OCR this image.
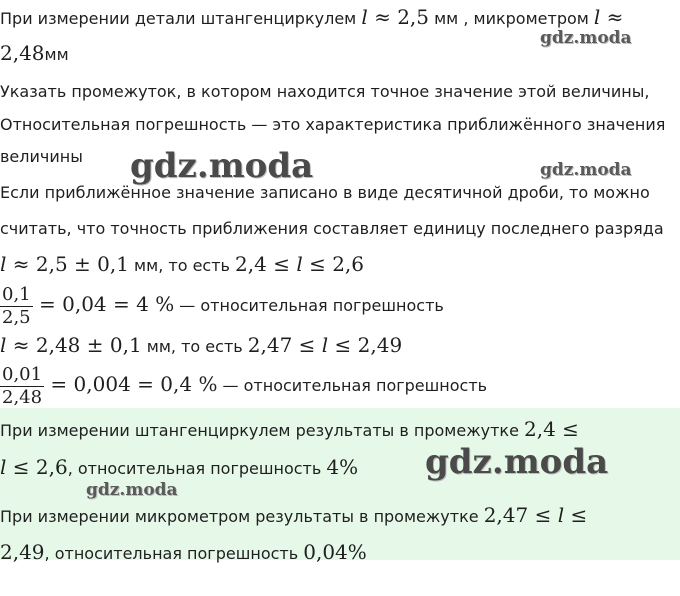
При измерении детали штангенциркулем l ≈ 2,5 мм , микрометром l ≈
2,48мм
Указать промежуток, в котором находится точное значение этой величины,
Относительная погрешность — это характеристика приближённого значения
величины
Если приближённое значение записано в виде десятичной дроби, то можно
считать, что точность приближения составляет единицу последнего разряда
l ≈ 2,5 ± 0,1 мм, то есть 2,4 ≤ l ≤ 2,6
$\frac{0,1}{2,5} = 0,04 = 4$ % — относительная погрешность
l ≈ 2,48 ± 0,1 мм, то есть 2,47 ≤ l ≤ 2,49
$\frac{0,01}{2,48} = 0,004 = 0,4$ % — относительная погрешность
При измерении штангенциркулем результаты в промежутке 2,4 ≤
l ≤ 2,6, относительная погрешность 4%
При измерении микрометром результаты в промежутке 2,47 ≤ l ≤
2,49, относительная погрешность 0,04%
gdz.moda
gdz.moda	gdz.moda
gdz.moda
gdz.moda
